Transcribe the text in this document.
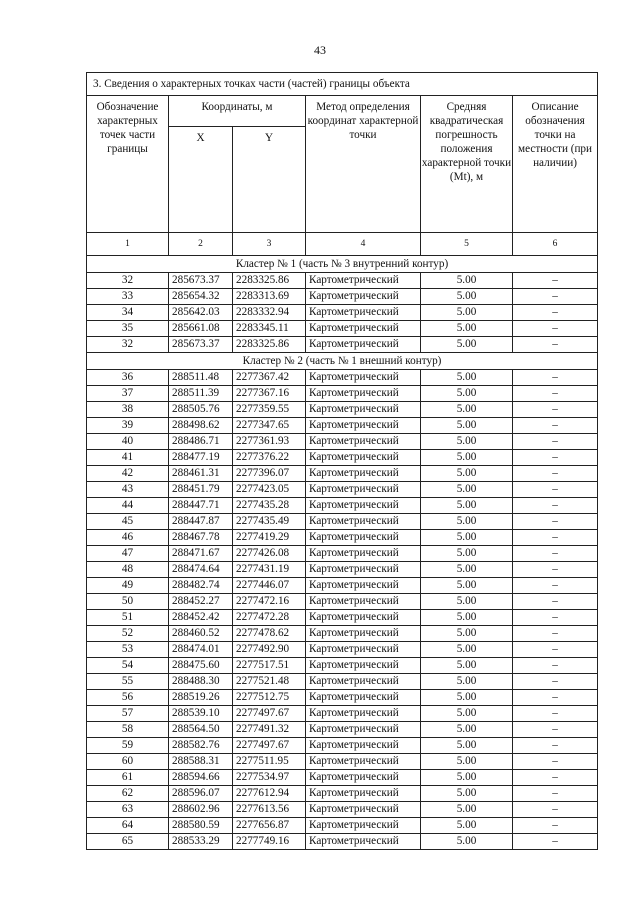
43
3. Сведения о характерных точках части (частей) границы объекта					
Обозначение характерных точек части границы	Координаты, м		Метод определения координат характерной точки	Средняя квадратическая погрешность положения характерной точки (Mt), м	Описание обозначения точки на местности (при наличии)
	X	Y			
1	2	3	4	5	6
Кластер № 1 (часть № 3 внутренний контур)					
32	285673.37	2283325.86	Картометрический	5.00	–
33	285654.32	2283313.69	Картометрический	5.00	–
34	285642.03	2283332.94	Картометрический	5.00	–
35	285661.08	2283345.11	Картометрический	5.00	–
32	285673.37	2283325.86	Картометрический	5.00	–
Кластер № 2 (часть № 1 внешний контур)					
36	288511.48	2277367.42	Картометрический	5.00	–
37	288511.39	2277367.16	Картометрический	5.00	–
38	288505.76	2277359.55	Картометрический	5.00	–
39	288498.62	2277347.65	Картометрический	5.00	–
40	288486.71	2277361.93	Картометрический	5.00	–
41	288477.19	2277376.22	Картометрический	5.00	–
42	288461.31	2277396.07	Картометрический	5.00	–
43	288451.79	2277423.05	Картометрический	5.00	–
44	288447.71	2277435.28	Картометрический	5.00	–
45	288447.87	2277435.49	Картометрический	5.00	–
46	288467.78	2277419.29	Картометрический	5.00	–
47	288471.67	2277426.08	Картометрический	5.00	–
48	288474.64	2277431.19	Картометрический	5.00	–
49	288482.74	2277446.07	Картометрический	5.00	–
50	288452.27	2277472.16	Картометрический	5.00	–
51	288452.42	2277472.28	Картометрический	5.00	–
52	288460.52	2277478.62	Картометрический	5.00	–
53	288474.01	2277492.90	Картометрический	5.00	–
54	288475.60	2277517.51	Картометрический	5.00	–
55	288488.30	2277521.48	Картометрический	5.00	–
56	288519.26	2277512.75	Картометрический	5.00	–
57	288539.10	2277497.67	Картометрический	5.00	–
58	288564.50	2277491.32	Картометрический	5.00	–
59	288582.76	2277497.67	Картометрический	5.00	–
60	288588.31	2277511.95	Картометрический	5.00	–
61	288594.66	2277534.97	Картометрический	5.00	–
62	288596.07	2277612.94	Картометрический	5.00	–
63	288602.96	2277613.56	Картометрический	5.00	–
64	288580.59	2277656.87	Картометрический	5.00	–
65	288533.29	2277749.16	Картометрический	5.00	–
